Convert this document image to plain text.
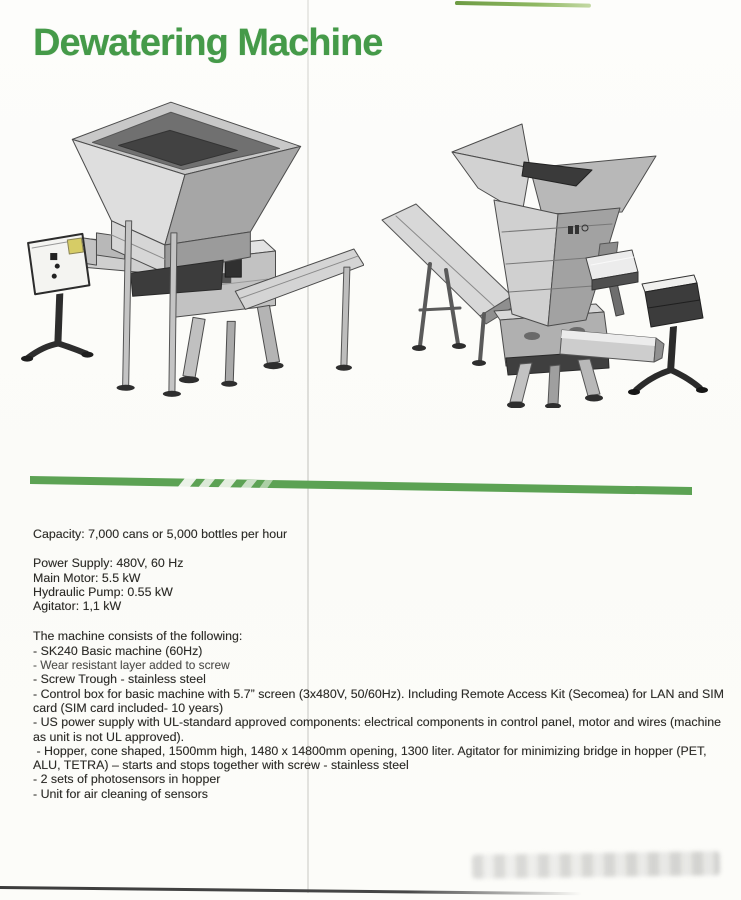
Dewatering Machine
Capacity: 7,000 cans or 5,000 bottles per hour
Power Supply: 480V, 60 Hz
Main Motor: 5.5 kW
Hydraulic Pump: 0.55 kW
Agitator: 1,1 kW
The machine consists of the following:
- SK240 Basic machine (60Hz)
- Wear resistant layer added to screw
- Screw Trough - stainless steel
- Control box for basic machine with 5.7” screen (3x480V, 50/60Hz). Including Remote Access Kit (Secomea) for LAN and SIM card (SIM card included- 10 years)
- US power supply with UL-standard approved components: electrical components in control panel, motor and wires (machine as unit is not UL approved).
- Hopper, cone shaped, 1500mm high, 1480 x 14800mm opening, 1300 liter. Agitator for minimizing bridge in hopper (PET, ALU, TETRA) – starts and stops together with screw - stainless steel
- 2 sets of photosensors in hopper
- Unit for air cleaning of sensors
